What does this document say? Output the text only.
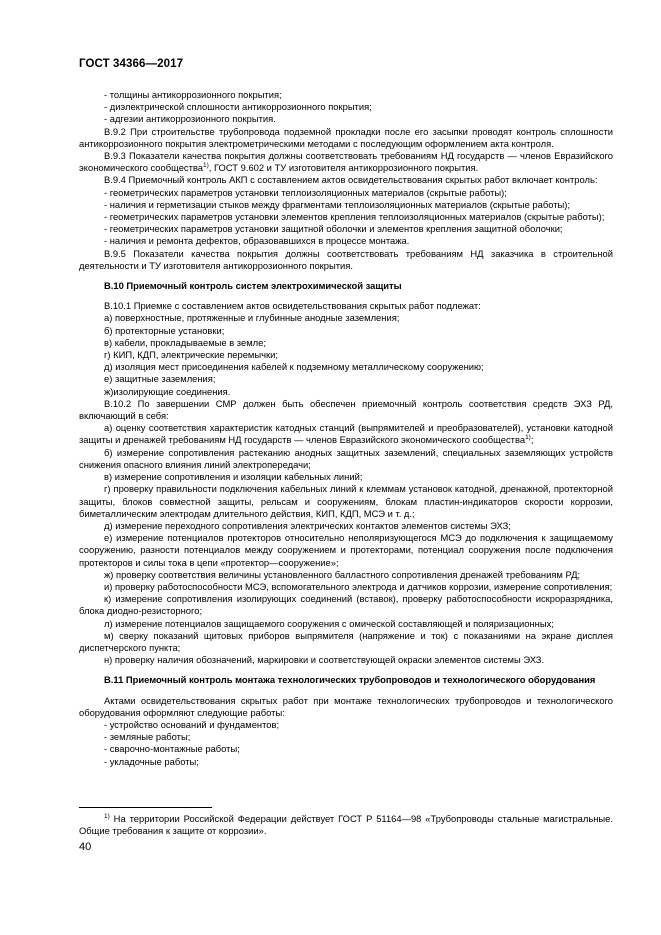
ГОСТ 34366—2017

- толщины антикоррозионного покрытия;

- диэлектрической сплошности антикоррозионного покрытия;

- адгезии антикоррозионного покрытия.

В.9.2 При строительстве трубопровода подземной прокладки после его засыпки проводят контроль сплошности антикоррозионного покрытия электрометрическими методами с последующим оформлением акта контроля.

В.9.3 Показатели качества покрытия должны соответствовать требованиям НД государств — членов Евразийского экономического сообщества$^{1)}$, ГОСТ 9.602 и ТУ изготовителя антикоррозионного покрытия.

В.9.4 Приемочный контроль АКП с составлением актов освидетельствования скрытых работ включает контроль:

- геометрических параметров установки теплоизоляционных материалов (скрытые работы);

- наличия и герметизации стыков между фрагментами теплоизоляционных материалов (скрытые работы);

- геометрических параметров установки элементов крепления теплоизоляционных материалов (скрытые работы);

- геометрических параметров установки защитной оболочки и элементов крепления защитной оболочки;

- наличия и ремонта дефектов, образовавшихся в процессе монтажа.

В.9.5 Показатели качества покрытия должны соответствовать требованиям НД заказчика в строительной деятельности и ТУ изготовителя антикоррозионного покрытия.

В.10 Приемочный контроль систем электрохимической защиты

В.10.1 Приемке с составлением актов освидетельствования скрытых работ подлежат:

а) поверхностные, протяженные и глубинные анодные заземления;

б) протекторные установки;

в) кабели, прокладываемые в земле;

г) КИП, КДП, электрические перемычки;

д) изоляция мест присоединения кабелей к подземному металлическому сооружению;

е) защитные заземления;

ж)изолирующие соединения.

В.10.2 По завершении СМР должен быть обеспечен приемочный контроль соответствия средств ЭХЗ РД, включающий в себя:

а) оценку соответствия характеристик катодных станций (выпрямителей и преобразователей), установки катодной защиты и дренажей требованиям НД государств — членов Евразийского экономического сообщества$^{1)}$;

б) измерение сопротивления растеканию анодных защитных заземлений, специальных заземляющих устройств снижения опасного влияния линий электропередачи;

в) измерение сопротивления и изоляции кабельных линий;

г) проверку правильности подключения кабельных линий к клеммам установок катодной, дренажной, протекторной защиты, блоков совместной защиты, рельсам и сооружениям, блокам пластин-индикаторов скорости коррозии, биметаллическим электродам длительного действия, КИП, КДП, МСЭ и т. д.;

д) измерение переходного сопротивления электрических контактов элементов системы ЭХЗ;

е) измерение потенциалов протекторов относительно неполяризующегося МСЭ до подключения к защищаемому сооружению, разности потенциалов между сооружением и протекторами, потенциал сооружения после подключения протекторов и силы тока в цепи «протектор—сооружение»;

ж) проверку соответствия величины установленного балластного сопротивления дренажей требованиям РД;

и) проверку работоспособности МСЭ, вспомогательного электрода и датчиков коррозии, измерение сопротивления;

к) измерение сопротивления изолирующих соединений (вставок), проверку работоспособности искроразрядника, блока диодно-резисторного;

л) измерение потенциалов защищаемого сооружения с омической составляющей и поляризационных;

м) сверку показаний щитовых приборов выпрямителя (напряжение и ток) с показаниями на экране дисплея диспетчерского пункта;

н) проверку наличия обозначений, маркировки и соответствующей окраски элементов системы ЭХЗ.

В.11 Приемочный контроль монтажа технологических трубопроводов и технологического оборудования

Актами освидетельствования скрытых работ при монтаже технологических трубопроводов и технологического оборудования оформляют следующие работы:

- устройство оснований и фундаментов;

- земляные работы;

- сварочно-монтажные работы;

- укладочные работы;

$^{1)}$ На территории Российской Федерации действует ГОСТ Р 51164—98 «Трубопроводы стальные магистральные. Общие требования к защите от коррозии».

40
